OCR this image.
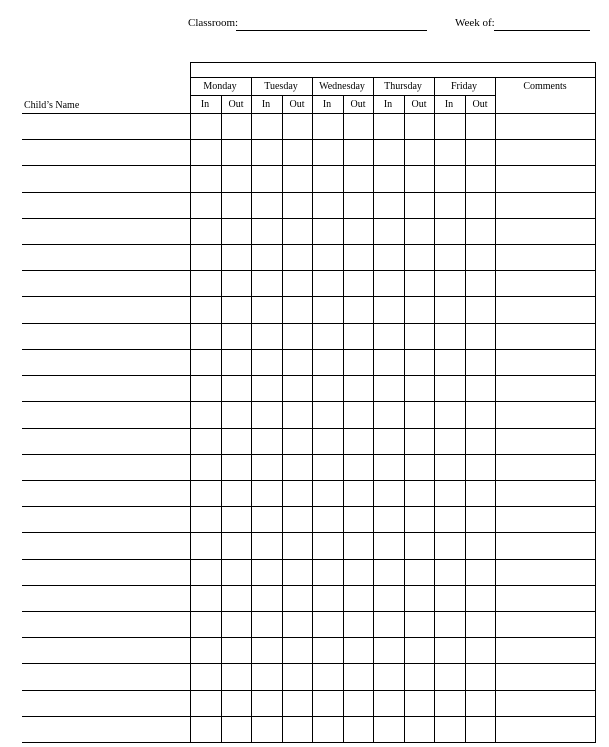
Classroom:	Week of:
Child’s Name
Monday	Tuesday	Wednesday	Thursday	Friday	Comments
In	Out	In	Out	In	Out	In	Out	In	Out
